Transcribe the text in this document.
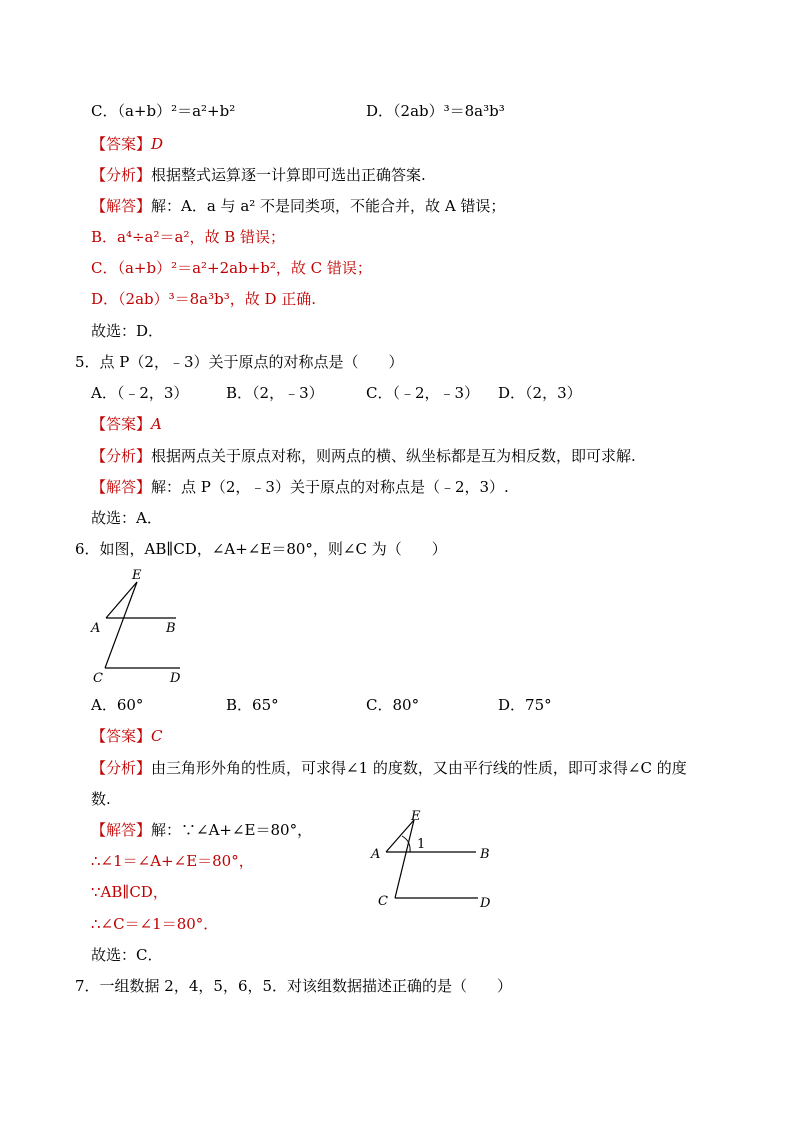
C．（a+b）²＝a²+b²	D．（2ab）³＝8a³b³
【答案】D
【分析】根据整式运算逐一计算即可选出正确答案.
【解答】解：A．a 与 a² 不是同类项，不能合并，故 A 错误；
B．a⁴÷a²＝a²，故 B 错误；
C．（a+b）²＝a²+2ab+b²，故 C 错误；
D．（2ab）³＝8a³b³，故 D 正确.
故选：D．
5．点 P（2，﹣3）关于原点的对称点是（　　）
A．（﹣2，3）	B．（2，﹣3）	C．（﹣2，﹣3） D．（2，3）
【答案】A
【分析】根据两点关于原点对称，则两点的横、纵坐标都是互为相反数，即可求解.
【解答】解：点 P（2，﹣3）关于原点的对称点是（﹣2，3）.
故选：A．
6．如图，AB∥CD，∠A+∠E＝80°，则∠C 为（　　）
E
A	B
C	D
A．60°	B．65°	C．80°	D．75°
【答案】C
【分析】由三角形外角的性质，可求得∠1 的度数，又由平行线的性质，即可求得∠C 的度
数.
【解答】解：∵∠A+∠E＝80°，
∴∠1＝∠A+∠E＝80°，
∵AB∥CD，
∴∠C＝∠1＝80°．
故选：C．
E
A
1
B
C	D
7．一组数据 2，4，5，6，5．对该组数据描述正确的是（　　）
